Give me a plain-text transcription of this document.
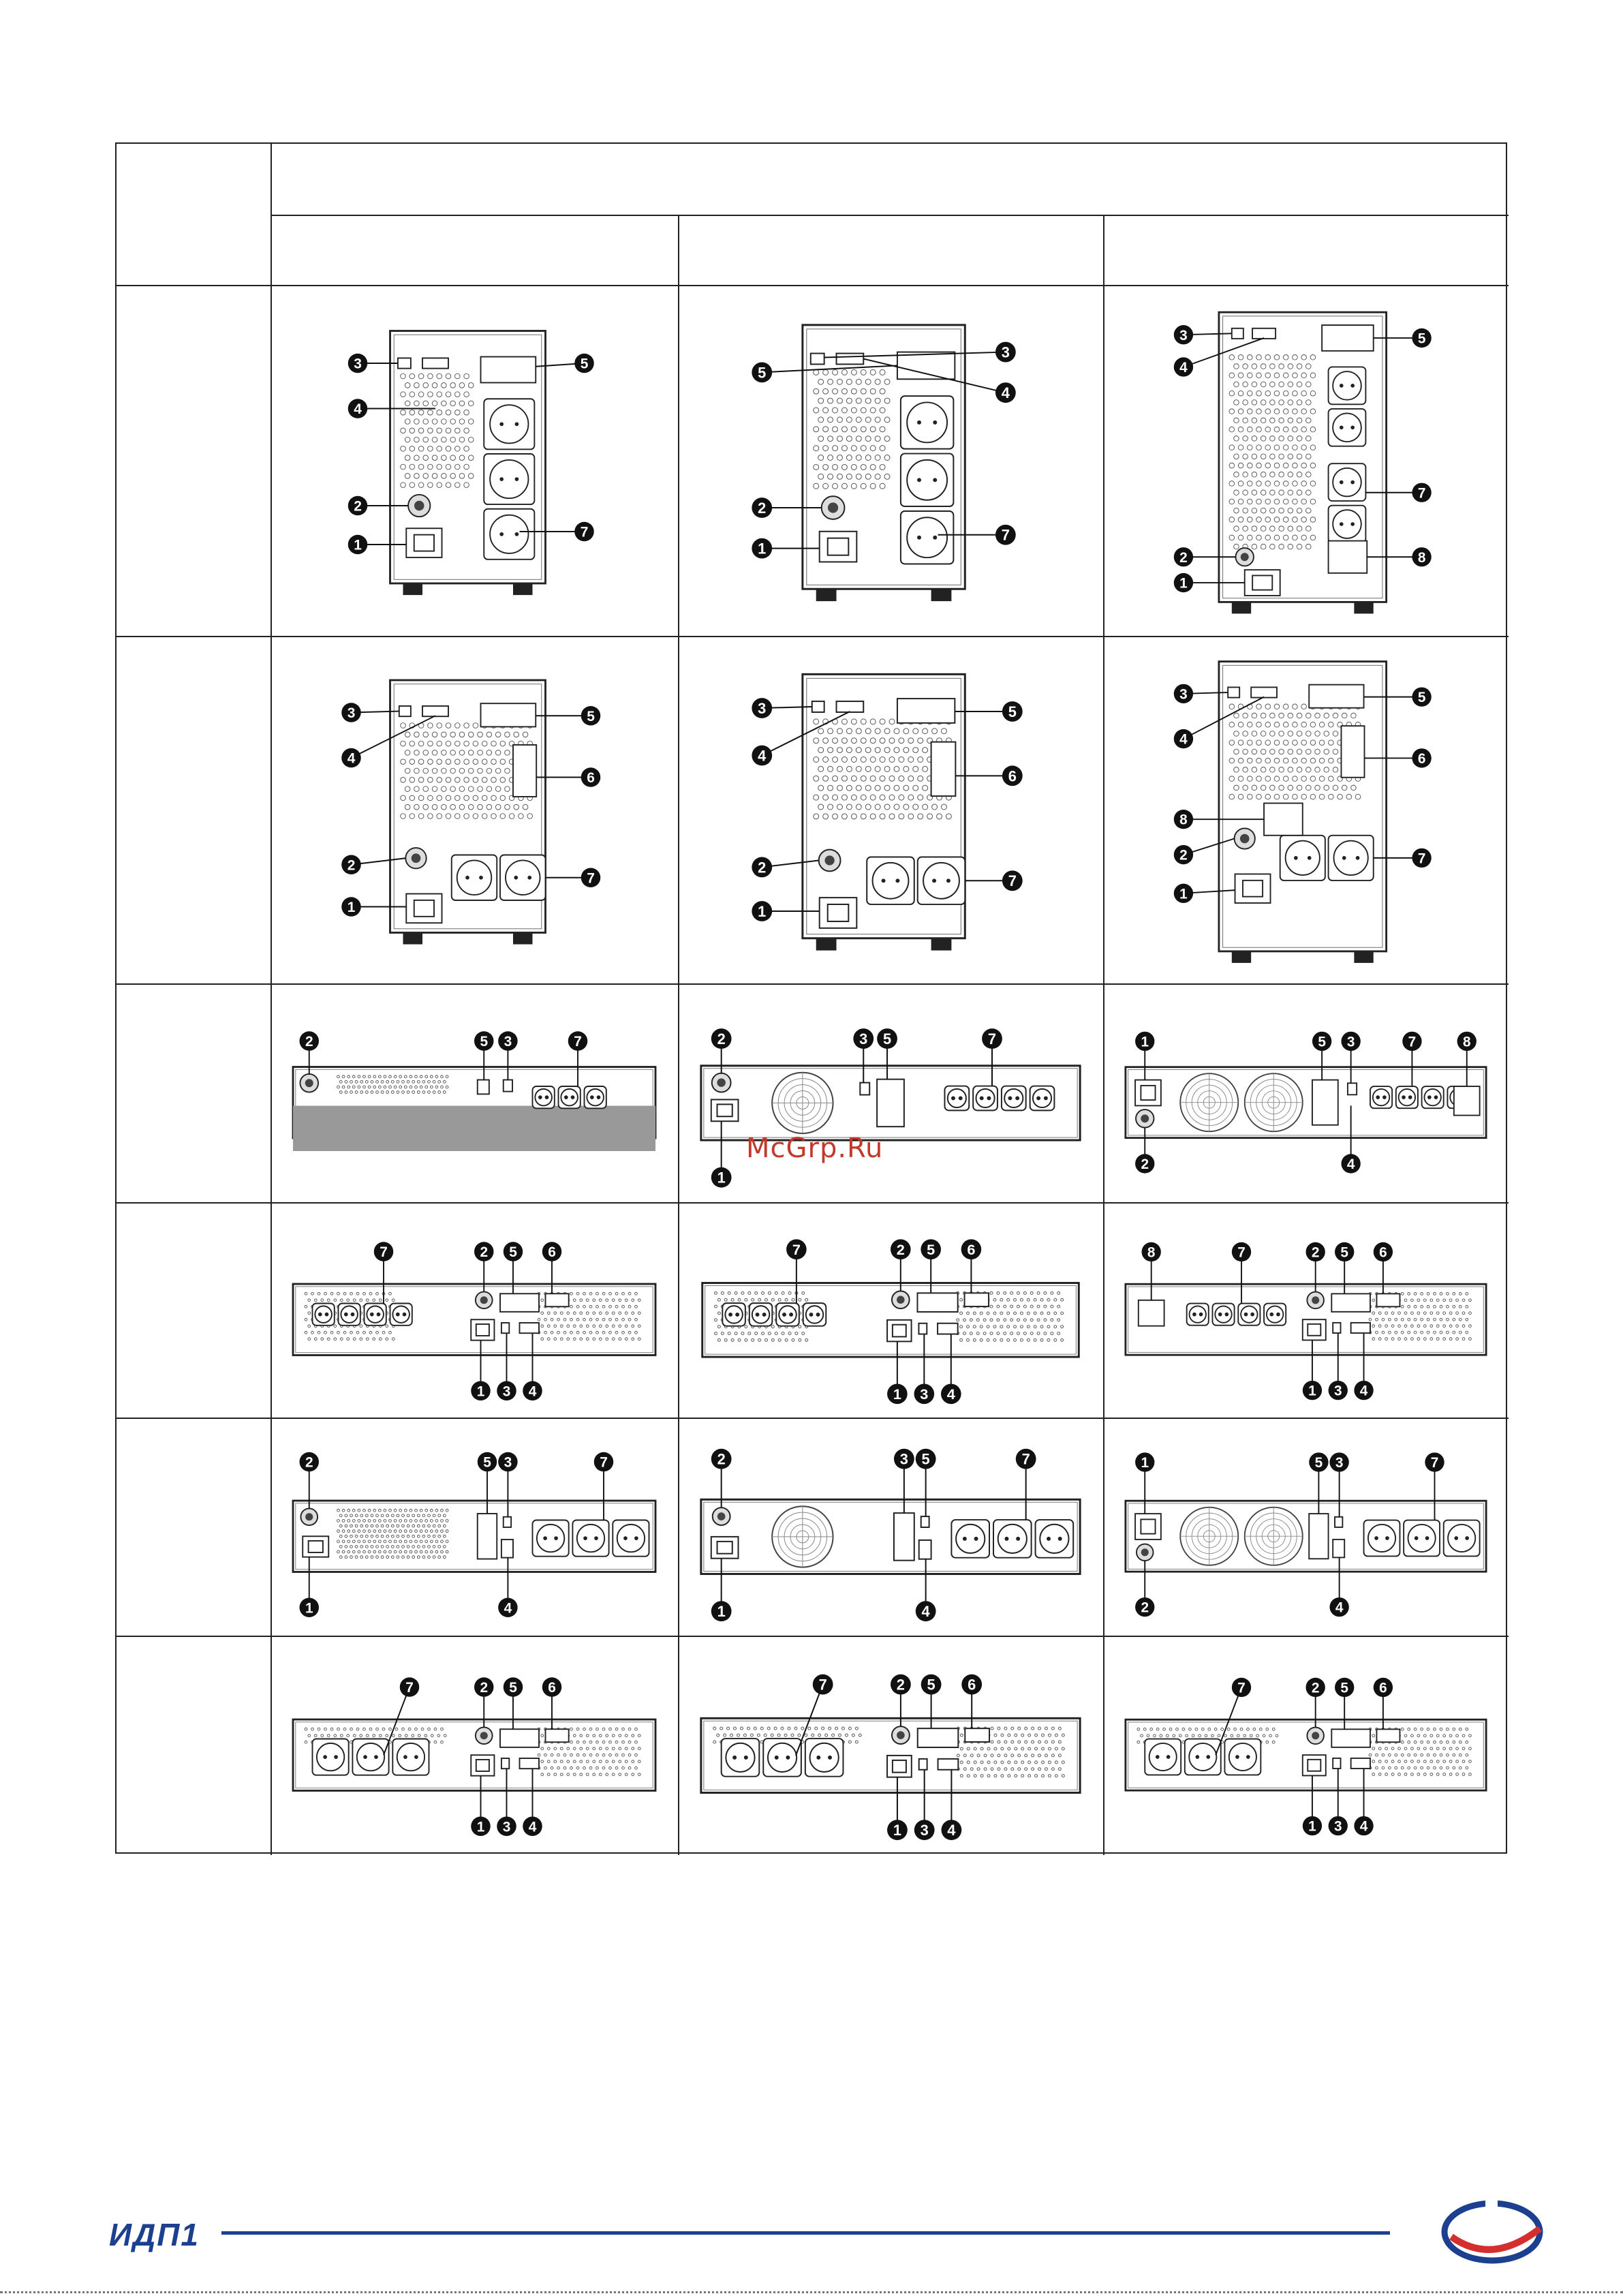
3
4
5
2
1
7
5
3
4
2
1
7
3
4
5
7
2
1
8
3
4
5
6
2
1
7
3
4
5
6
2
1
7
3
4
5
6
8
2
1
7
2	5 3	7	2	3 5	7
1
1	5 3	7	8
2	4
7	2 5 6
1 3 4
7	2 5 6
1 3 4
8	7	2 5 6
1 3 4
2
1
5 3	7
4
2
1
3 5	7
4
1
2
5 3	7
4
7	2 5 6
1 3 4
7	2 5 6
1 3 4
7	2 5 6
1 3 4
McGrp.Ru
ИДП1
